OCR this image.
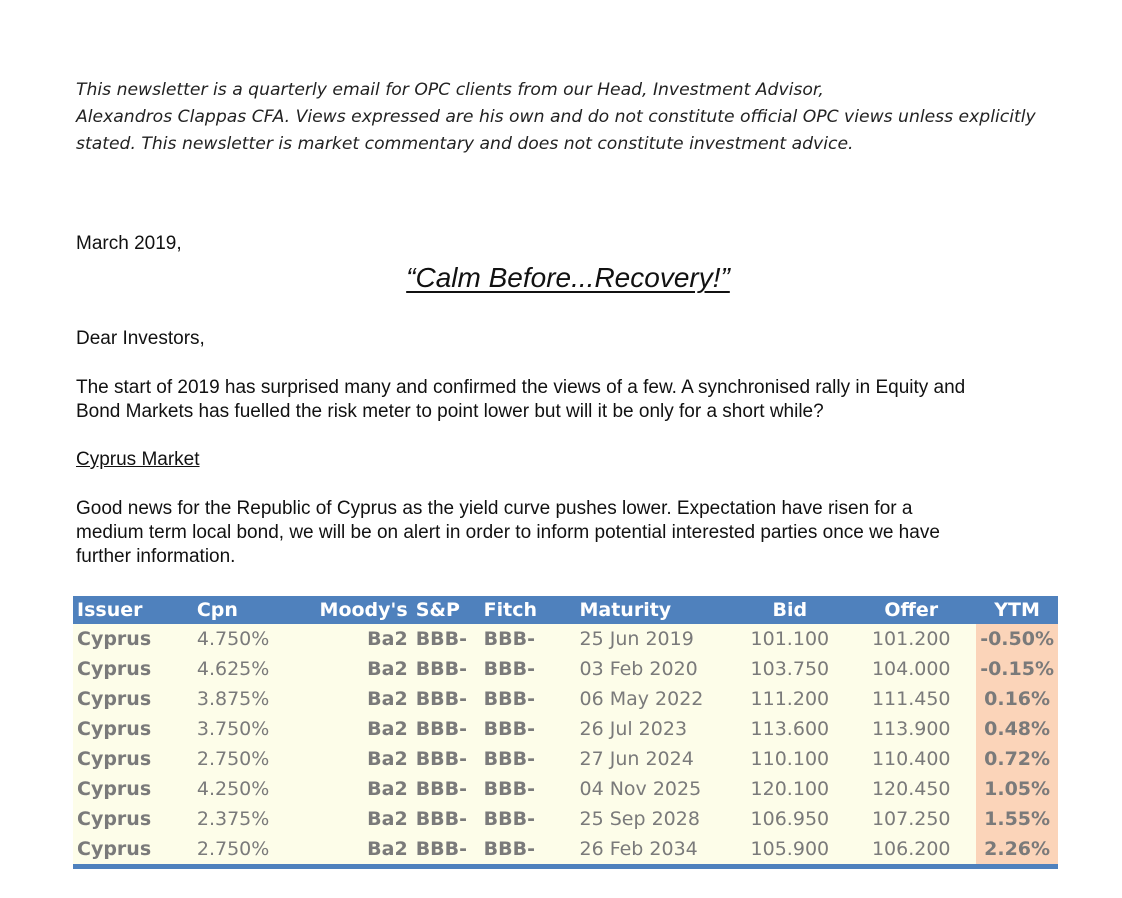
This newsletter is a quarterly email for OPC clients from our Head, Investment Advisor,
Alexandros Clappas CFA. Views expressed are his own and do not constitute official OPC views unless explicitly
stated. This newsletter is market commentary and does not constitute investment advice.
March 2019,
“Calm Before...Recovery!”
Dear Investors,
The start of 2019 has surprised many and confirmed the views of a few. A synchronised rally in Equity and
Bond Markets has fuelled the risk meter to point lower but will it be only for a short while?
Cyprus Market
Good news for the Republic of Cyprus as the yield curve pushes lower. Expectation have risen for a
medium term local bond, we will be on alert in order to inform potential interested parties once we have
further information.
Issuer	Cpn	Moody's	S&P	Fitch	Maturity	Bid	Offer	YTM
Cyprus	4.750%	Ba2	BBB-	BBB-	25 Jun 2019	101.100	101.200	-0.50%
Cyprus	4.625%	Ba2	BBB-	BBB-	03 Feb 2020	103.750	104.000	-0.15%
Cyprus	3.875%	Ba2	BBB-	BBB-	06 May 2022	111.200	111.450	0.16%
Cyprus	3.750%	Ba2	BBB-	BBB-	26 Jul 2023	113.600	113.900	0.48%
Cyprus	2.750%	Ba2	BBB-	BBB-	27 Jun 2024	110.100	110.400	0.72%
Cyprus	4.250%	Ba2	BBB-	BBB-	04 Nov 2025	120.100	120.450	1.05%
Cyprus	2.375%	Ba2	BBB-	BBB-	25 Sep 2028	106.950	107.250	1.55%
Cyprus	2.750%	Ba2	BBB-	BBB-	26 Feb 2034	105.900	106.200	2.26%
